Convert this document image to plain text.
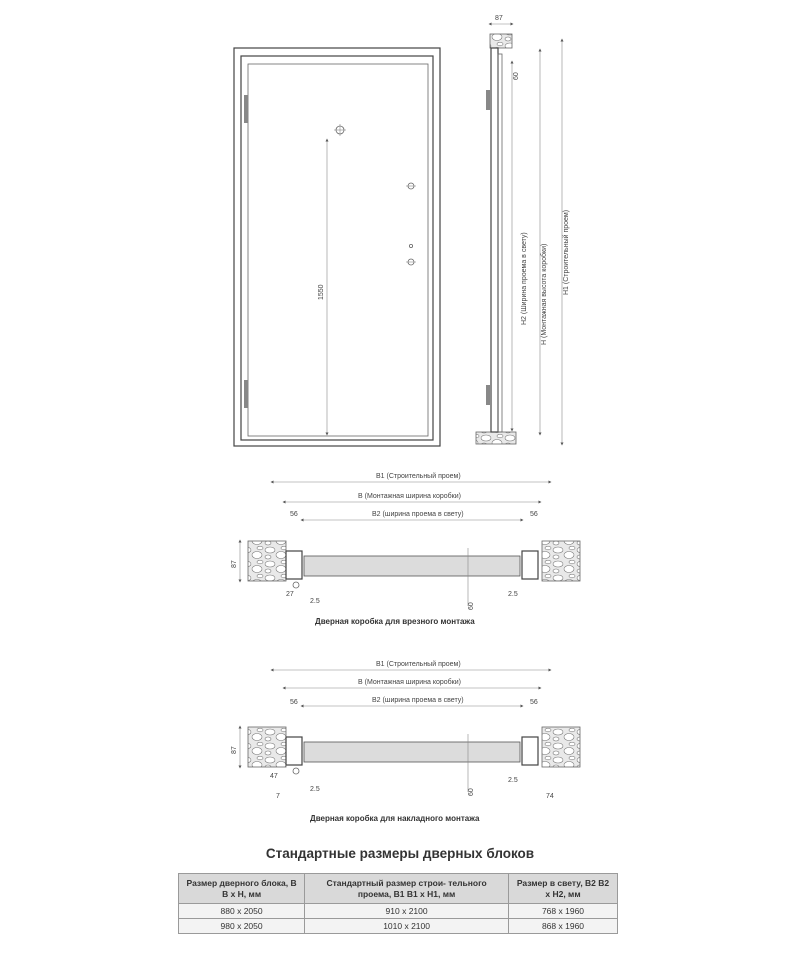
1550
87
60
H2 (Ширина проема в свету) H (Монтажная высота коробки) H1 (Строительный проем)
B1 (Строительный проем)
B (Монтажная ширина коробки)
B2 (ширина проема в свету)
56	56
87
27
2.5
60
2.5
Дверная коробка для врезного монтажа
B1 (Строительный проем)
B (Монтажная ширина коробки)
B2 (ширина проема в свету)
56	56
87
47
7
2.5	60
2.5
74
Дверная коробка для накладного монтажа
Стандартные размеры дверных блоков
Размер дверного блока, B B x H, мм	Стандартный размер строи- тельного проема, B1 B1 x H1, мм	Размер в свету, B2 B2 x H2, мм
880 x 2050	910 x 2100	768 x 1960
980 x 2050	1010 x 2100	868 x 1960
